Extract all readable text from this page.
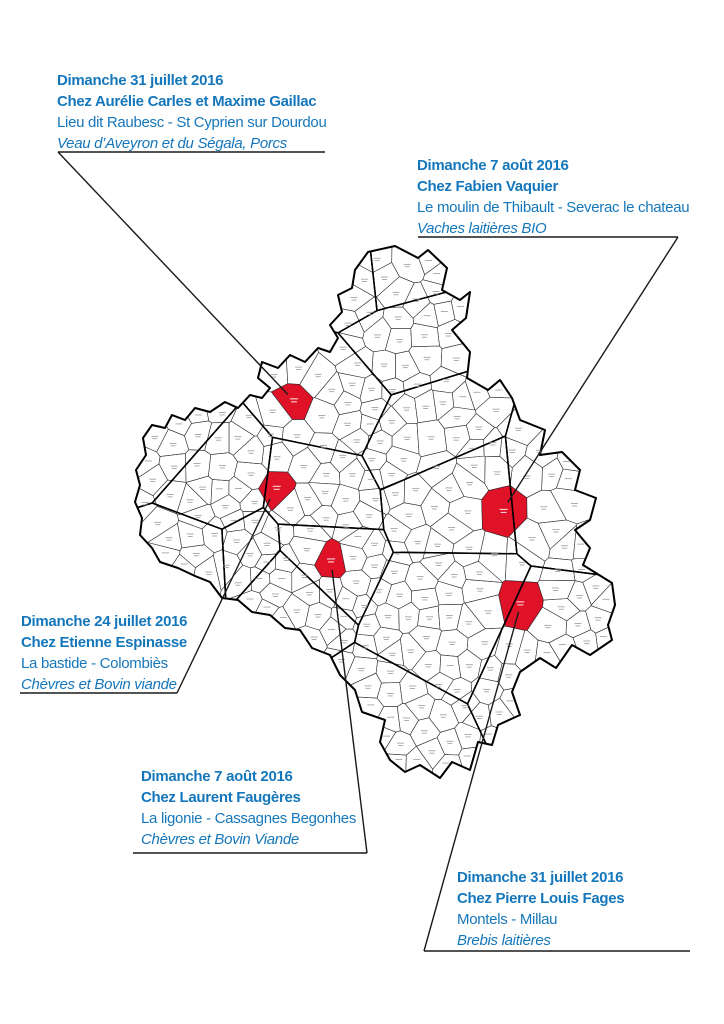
Dimanche 31 juillet 2016
Chez Aurélie Carles et Maxime Gaillac
Lieu dit Raubesc - St Cyprien sur Dourdou
Veau d’Aveyron et du Ségala, Porcs
Dimanche 7 août 2016
Chez Fabien Vaquier
Le moulin de Thibault - Severac le chateau
Vaches laitières BIO
Dimanche 24 juillet 2016
Chez Etienne Espinasse
La bastide - Colombiès
Chèvres et Bovin viande
Dimanche 7 août 2016
Chez Laurent Faugères
La ligonie - Cassagnes Begonhes
Chèvres et Bovin Viande
Dimanche 31 juillet 2016
Chez Pierre Louis Fages
Montels - Millau
Brebis laitières
